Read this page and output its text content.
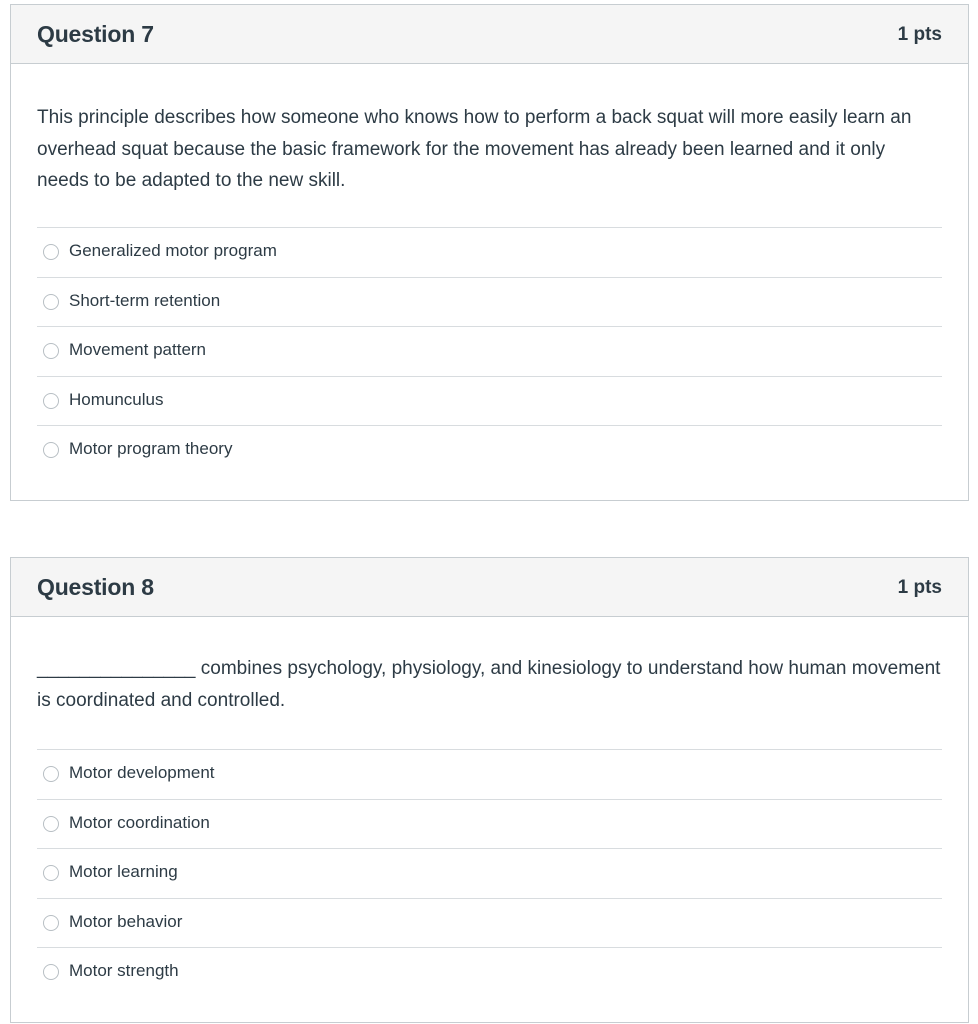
Question 7	1 pts
This principle describes how someone who knows how to perform a back squat will more easily learn an overhead squat because the basic framework for the movement has already been learned and it only needs to be adapted to the new skill.
Generalized motor program
Short-term retention
Movement pattern
Homunculus
Motor program theory
Question 8	1 pts
_______________ combines psychology, physiology, and kinesiology to understand how human movement is coordinated and controlled.
Motor development
Motor coordination
Motor learning
Motor behavior
Motor strength
